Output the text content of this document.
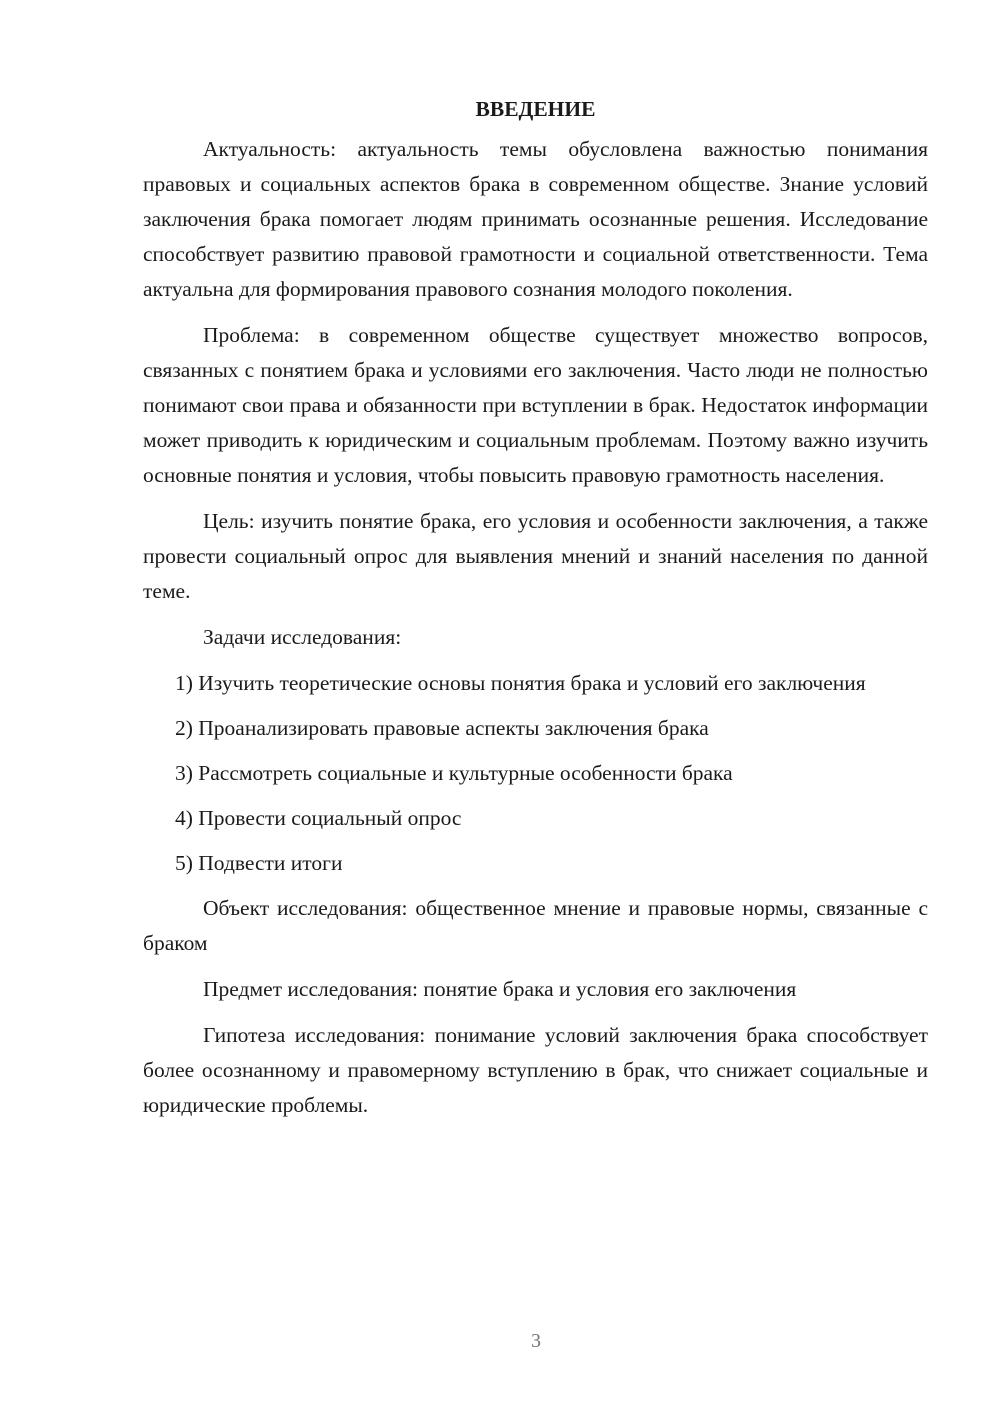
ВВЕДЕНИЕ

Актуальность: актуальность темы обусловлена важностью понимания правовых и социальных аспектов брака в современном обществе. Знание условий заключения брака помогает людям принимать осознанные решения. Исследование способствует развитию правовой грамотности и социальной ответственности. Тема актуальна для формирования правового сознания молодого поколения.

Проблема: в современном обществе существует множество вопросов, связанных с понятием брака и условиями его заключения. Часто люди не полностью понимают свои права и обязанности при вступлении в брак. Недостаток информации может приводить к юридическим и социальным проблемам. Поэтому важно изучить основные понятия и условия, чтобы повысить правовую грамотность населения.

Цель: изучить понятие брака, его условия и особенности заключения, а также провести социальный опрос для выявления мнений и знаний населения по данной теме.

Задачи исследования:

1) Изучить теоретические основы понятия брака и условий его заключения

2) Проанализировать правовые аспекты заключения брака

3) Рассмотреть социальные и культурные особенности брака

4) Провести социальный опрос

5) Подвести итоги

Объект исследования: общественное мнение и правовые нормы, связанные с браком

Предмет исследования: понятие брака и условия его заключения

Гипотеза исследования: понимание условий заключения брака способствует более осознанному и правомерному вступлению в брак, что снижает социальные и юридические проблемы.

3
